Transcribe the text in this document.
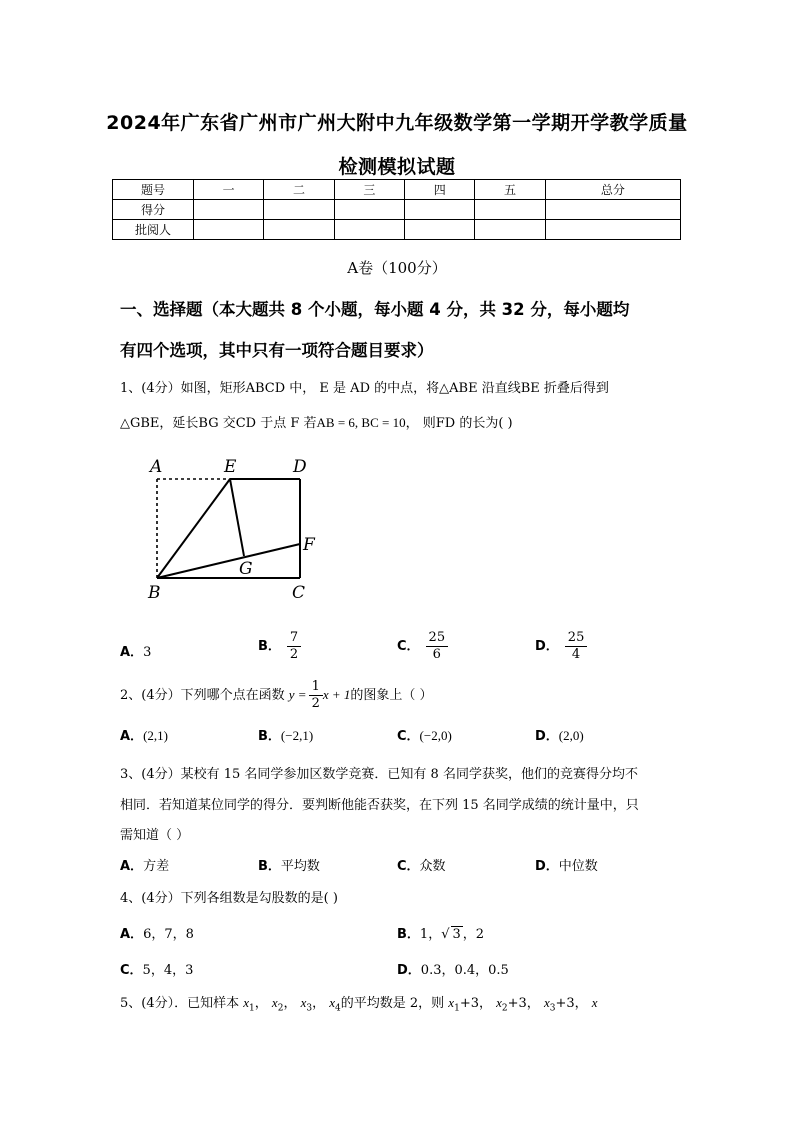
2024年广东省广州市广州大附中九年级数学第一学期开学教学质量
检测模拟试题
题号	一	二	三	四	五	总分
得分						
批阅人						
A卷（100分）
一、选择题（本大题共 8 个小题，每小题 4 分，共 32 分，每小题均
有四个选项，其中只有一项符合题目要求）
1、(4分）如图，矩形ABCD 中， E 是 AD 的中点，将△ABE 沿直线BE 折叠后得到
△GBE，延长BG 交CD 于点 F 若AB = 6, BC = 10， 则FD 的长为( )
A	E	D
F
G
B	C
A．3	B． $\frac{7}{2}$	C． $\frac{25}{6}$	D． $\frac{25}{4}$
2、(4分）下列哪个点在函数 $y = \frac{1}{2}$ x + 1的图象上（ ）
A．(2,1)	B．(−2,1)	C．(−2,0)	D．(2,0)
3、(4分）某校有 15 名同学参加区数学竞赛．已知有 8 名同学获奖，他们的竞赛得分均不
相同．若知道某位同学的得分．要判断他能否获奖，在下列 15 名同学成绩的统计量中，只
需知道（ ）
A．方差	B．平均数	C．众数	D．中位数
4、(4分）下列各组数是勾股数的是( )
A．6，7，8	B．1，√ 3 ，2
C．5，4，3	D．0.3，0.4，0.5
5、(4分）．已知样本 $x_1$， $x_2$， $x_3$， $x_4$的平均数是 2，则 $x_1+3$， $x_2+3$， $x_3+3$， x
